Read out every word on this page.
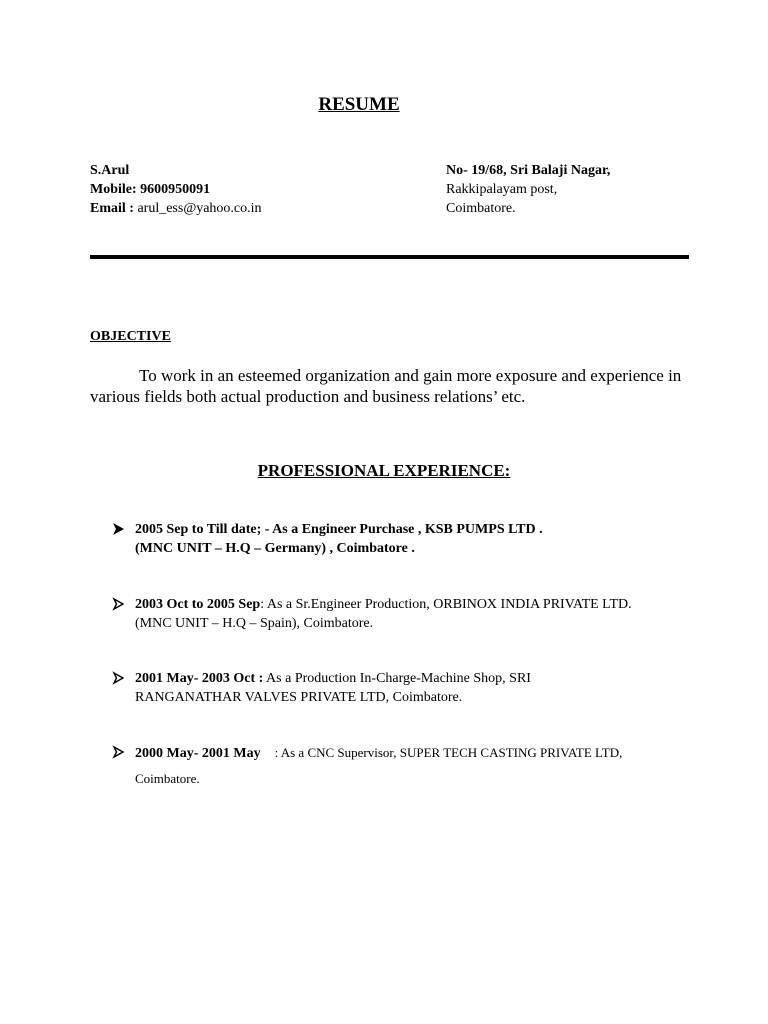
RESUME
S.Arul
Mobile: 9600950091
Email : arul_ess@yahoo.co.in
No- 19/68, Sri Balaji Nagar,
Rakkipalayam post,
Coimbatore.
OBJECTIVE
To work in an esteemed organization and gain more exposure and experience in various fields both actual production and business relations’ etc.
PROFESSIONAL EXPERIENCE:
2005 Sep to Till date; - As a Engineer Purchase , KSB PUMPS LTD .
(MNC UNIT – H.Q – Germany) , Coimbatore .
2003 Oct to 2005 Sep: As a Sr.Engineer Production, ORBINOX INDIA PRIVATE LTD.
(MNC UNIT – H.Q – Spain), Coimbatore.
2001 May- 2003 Oct : As a Production In-Charge-Machine Shop, SRI
RANGANATHAR VALVES PRIVATE LTD, Coimbatore.
2000 May- 2001 May : As a CNC Supervisor, SUPER TECH CASTING PRIVATE LTD,
Coimbatore.
